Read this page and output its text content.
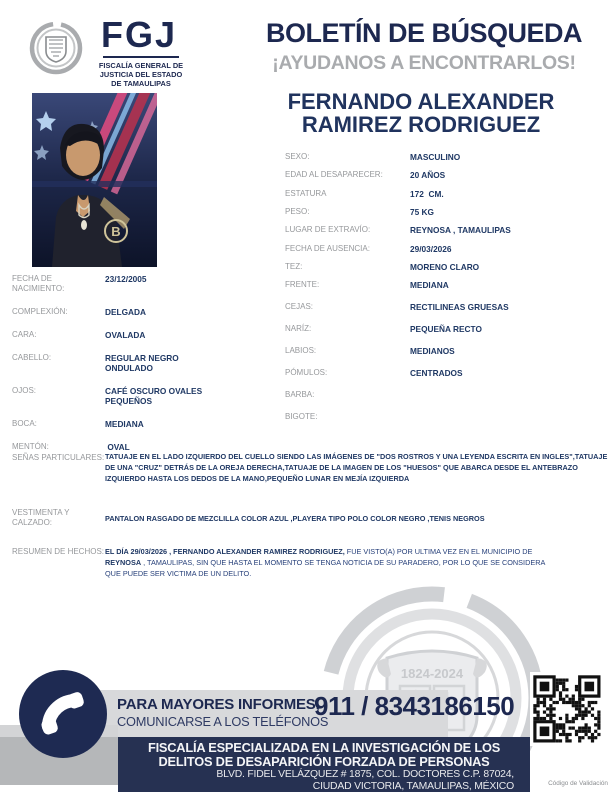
1824-2024
FGJ
FISCALÍA GENERAL DE
JUSTICIA DEL ESTADO
DE TAMAULIPAS
BOLETÍN DE BÚSQUEDA
¡AYUDANOS A ENCONTRARLOS!
FERNANDO ALEXANDER RAMIREZ RODRIGUEZ
B
FECHA DE NACIMIENTO:
23/12/2005
COMPLEXIÓN:	DELGADA
CARA:	OVALADA
CABELLO:	REGULAR NEGRO ONDULADO
OJOS:	CAFÉ OSCURO OVALES PEQUEÑOS
BOCA:	MEDIANA
MENTÓN:	OVAL
SEXO:	MASCULINO
EDAD AL DESAPARECER:	20 AÑOS
ESTATURA	172  CM.
PESO:	75 KG
LUGAR DE EXTRAVÍO:	REYNOSA , TAMAULIPAS
FECHA DE AUSENCIA:	29/03/2026
TEZ:	MORENO CLARO
FRENTE:	MEDIANA
CEJAS:	RECTILINEAS GRUESAS
NARÍZ:	PEQUEÑA RECTO
LABIOS:	MEDIANOS
PÓMULOS:	CENTRADOS
BARBA:
BIGOTE:
SEÑAS PARTICULARES: TATUAJE EN EL LADO IZQUIERDO DEL CUELLO SIENDO LAS IMÁGENES DE "DOS ROSTROS Y UNA LEYENDA ESCRITA EN INGLES",TATUAJE DE UNA "CRUZ" DETRÁS DE LA OREJA DERECHA,TATUAJE DE LA IMAGEN DE LOS "HUESOS" QUE ABARCA DESDE EL ANTEBRAZO IZQUIERDO HASTA LOS DEDOS DE LA MANO,PEQUEÑO LUNAR EN MEJÍA IZQUIERDA
VESTIMENTA Y CALZADO:	PANTALON RASGADO DE MEZCLILLA COLOR AZUL ,PLAYERA TIPO POLO COLOR NEGRO ,TENIS NEGROS
RESUMEN DE HECHOS: EL DÍA 29/03/2026 , FERNANDO ALEXANDER RAMIREZ RODRIGUEZ, FUE VISTO(A) POR ULTIMA VEZ EN EL MUNICIPIO DE REYNOSA , TAMAULIPAS, SIN QUE HASTA EL MOMENTO SE TENGA NOTICIA DE SU PARADERO, POR LO QUE SE CONSIDERA QUE PUEDE SER VICTIMA DE UN DELITO.
PARA MAYORES INFORMES,
COMUNICARSE A LOS TELÉFONOS
911 / 8343186150
FISCALÍA ESPECIALIZADA EN LA INVESTIGACIÓN DE LOS
DELITOS DE DESAPARICIÓN FORZADA DE PERSONAS
BLVD. FIDEL VELÁZQUEZ # 1875, COL. DOCTORES C.P. 87024,
CIUDAD VICTORIA, TAMAULIPAS, MÉXICO	Código de Validación
